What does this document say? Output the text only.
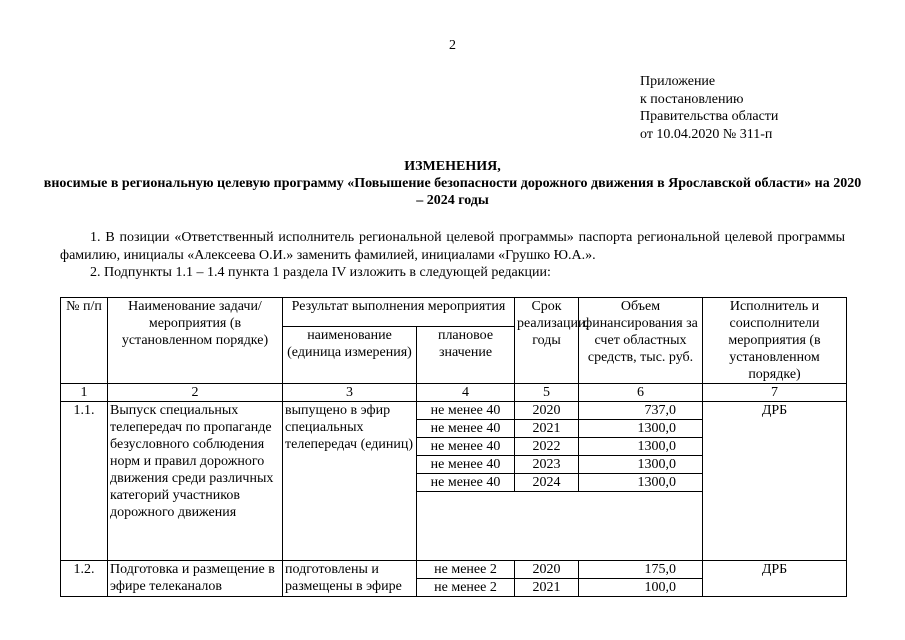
2
Приложение
к постановлению
Правительства области
от 10.04.2020 № 311-п
ИЗМЕНЕНИЯ,
вносимые в региональную целевую программу «Повышение безопасности дорожного движения в Ярославской области» на 2020 – 2024 годы
1. В позиции «Ответственный исполнитель региональной целевой программы» паспорта региональной целевой программы фамилию, инициалы «Алексеева О.И.» заменить фамилией, инициалами «Грушко Ю.А.».
2. Подпункты 1.1 – 1.4 пункта 1 раздела IV изложить в следующей редакции:
№ п/п	Наименование задачи/мероприятия (в установленном порядке)	Результат выполнения мероприятия		Срок реализации, годы	Объем финансирования за счет областных средств, тыс. руб.	Исполнитель и соисполнители мероприятия (в установленном порядке)
		наименование (единица измерения)	плановое значение			
1	2	3	4	5	6	7
1.1.	Выпуск специальных телепередач по пропаганде безусловного соблюдения норм и правил дорожного движения среди различных категорий участников дорожного движения	выпущено в эфир специальных телепередач (единиц)	не менее 40	2020	737,0	ДРБ
			не менее 40	2021	1300,0	
			не менее 40	2022	1300,0	
			не менее 40	2023	1300,0	
			не менее 40	2024	1300,0	

1.2.	Подготовка и размещение в эфире телеканалов	подготовлены и размещены в эфире	не менее 2	2020	175,0	ДРБ
			не менее 2	2021	100,0	
